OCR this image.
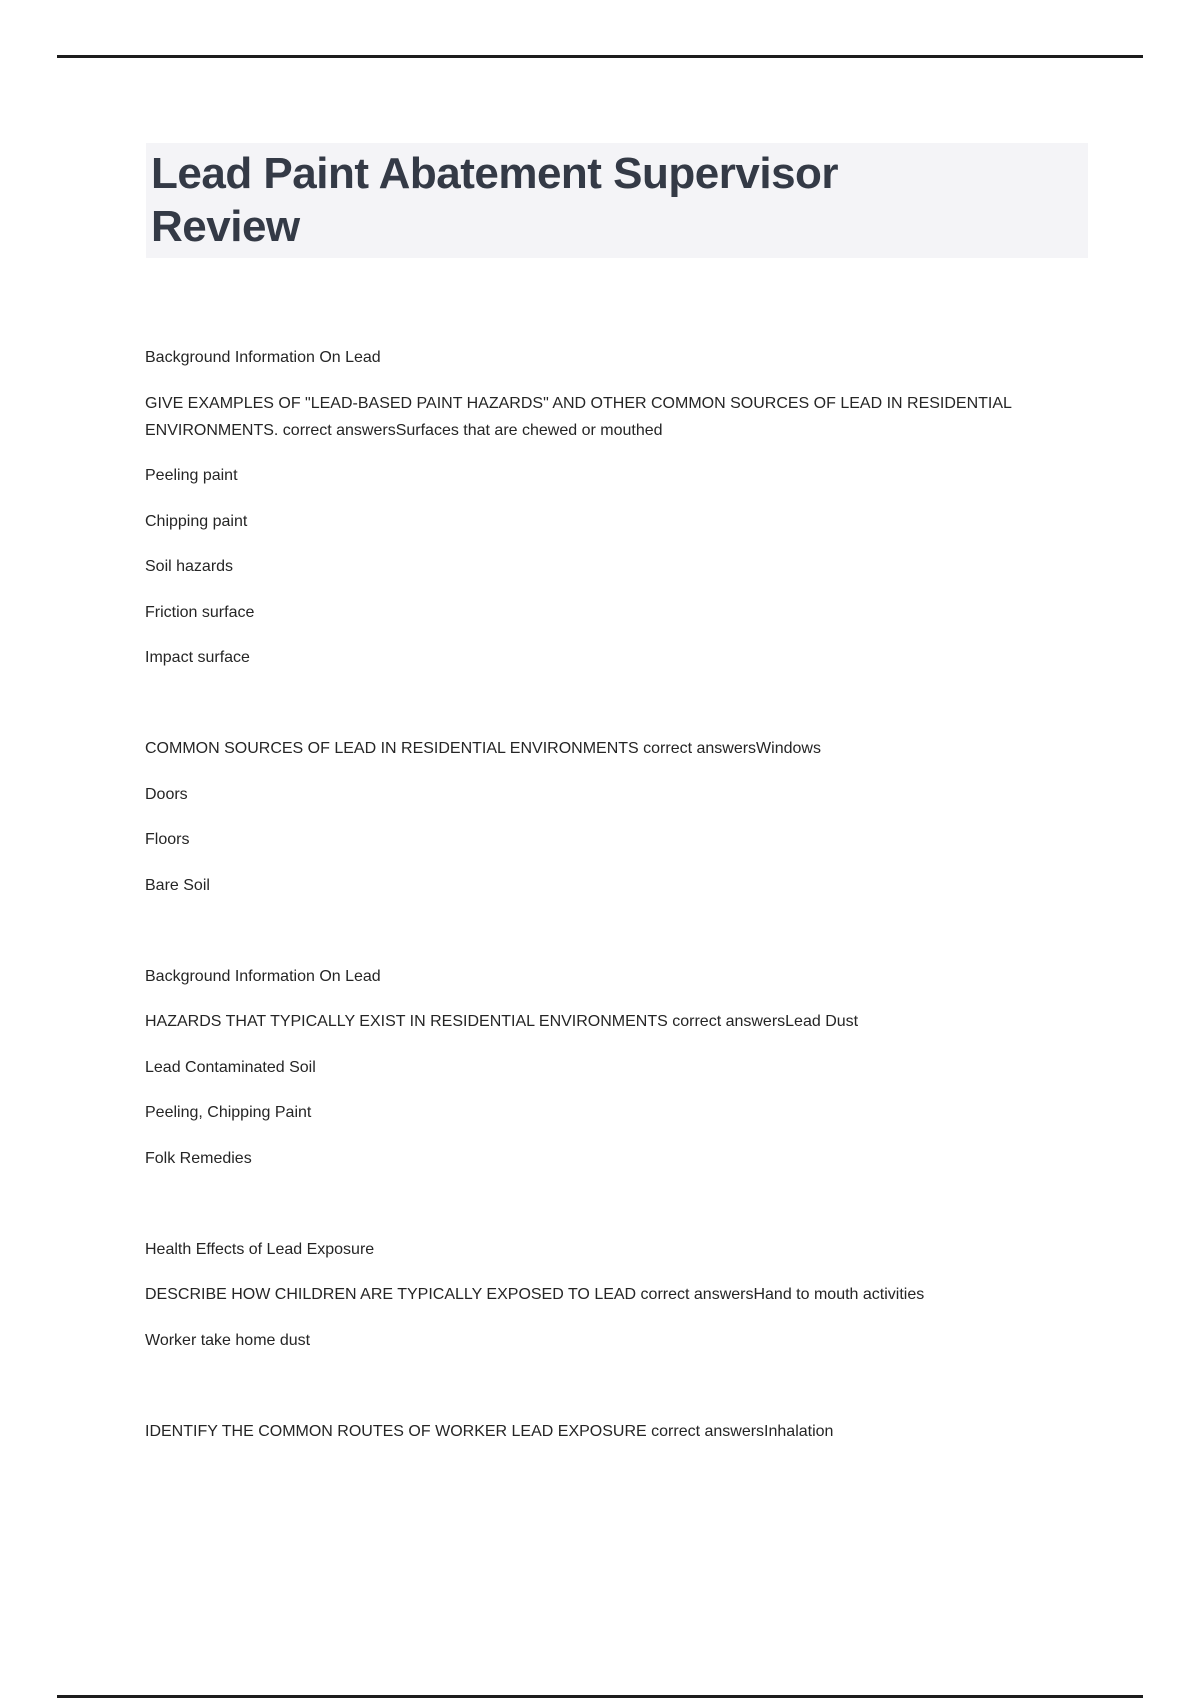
Lead Paint Abatement Supervisor Review

Background Information On Lead

GIVE EXAMPLES OF "LEAD-BASED PAINT HAZARDS" AND OTHER COMMON SOURCES OF LEAD IN RESIDENTIAL ENVIRONMENTS. correct answersSurfaces that are chewed or mouthed

Peeling paint

Chipping paint

Soil hazards

Friction surface

Impact surface

COMMON SOURCES OF LEAD IN RESIDENTIAL ENVIRONMENTS correct answersWindows

Doors

Floors

Bare Soil

Background Information On Lead

HAZARDS THAT TYPICALLY EXIST IN RESIDENTIAL ENVIRONMENTS correct answersLead Dust

Lead Contaminated Soil

Peeling, Chipping Paint

Folk Remedies

Health Effects of Lead Exposure

DESCRIBE HOW CHILDREN ARE TYPICALLY EXPOSED TO LEAD correct answersHand to mouth activities

Worker take home dust

IDENTIFY THE COMMON ROUTES OF WORKER LEAD EXPOSURE correct answersInhalation
